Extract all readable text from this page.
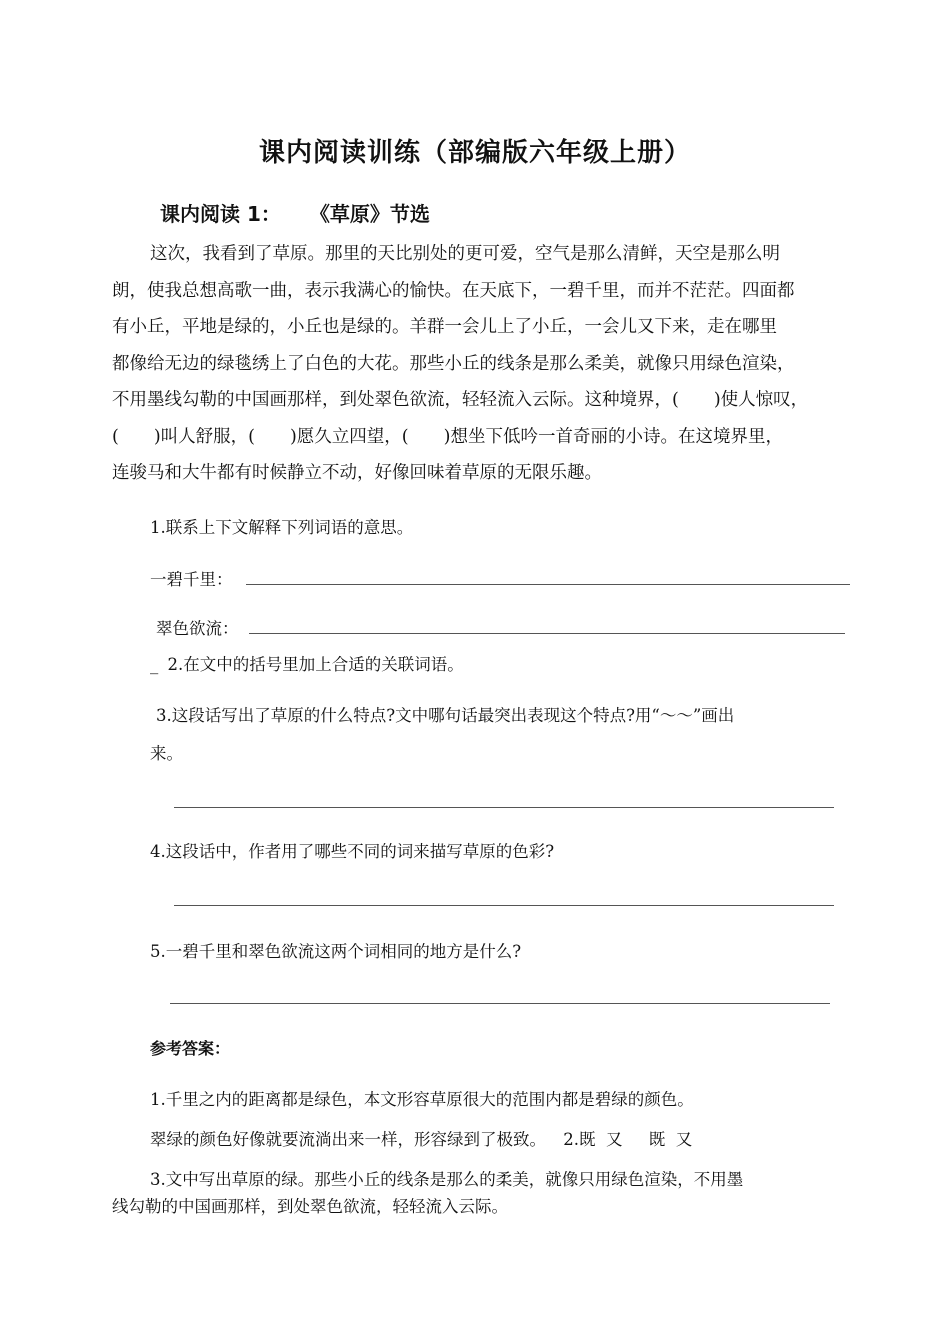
课内阅读训练（部编版六年级上册）
课内阅读 1： 《草原》节选
这次，我看到了草原。那里的天比别处的更可爱，空气是那么清鲜，天空是那么明
朗，使我总想高歌一曲，表示我满心的愉快。在天底下，一碧千里，而并不茫茫。四面都
有小丘，平地是绿的，小丘也是绿的。羊群一会儿上了小丘，一会儿又下来，走在哪里
都像给无边的绿毯绣上了白色的大花。那些小丘的线条是那么柔美，就像只用绿色渲染，
不用墨线勾勒的中国画那样，到处翠色欲流，轻轻流入云际。这种境界，(　　)使人惊叹，
(　　)叫人舒服，(　　)愿久立四望，(　　)想坐下低吟一首奇丽的小诗。在这境界里，
连骏马和大牛都有时候静立不动，好像回味着草原的无限乐趣。
1.联系上下文解释下列词语的意思。
一碧千里：
翠色欲流：
_ 2.在文中的括号里加上合适的关联词语。
3.这段话写出了草原的什么特点?文中哪句话最突出表现这个特点?用“～～”画出
来。
4.这段话中，作者用了哪些不同的词来描写草原的色彩?
5.一碧千里和翠色欲流这两个词相同的地方是什么?
参考答案：
1.千里之内的距离都是绿色，本文形容草原很大的范围内都是碧绿的颜色。
翠绿的颜色好像就要流淌出来一样，形容绿到了极致。 2.既  又     既  又
3.文中写出草原的绿。那些小丘的线条是那么的柔美，就像只用绿色渲染，不用墨
线勾勒的中国画那样，到处翠色欲流，轻轻流入云际。
